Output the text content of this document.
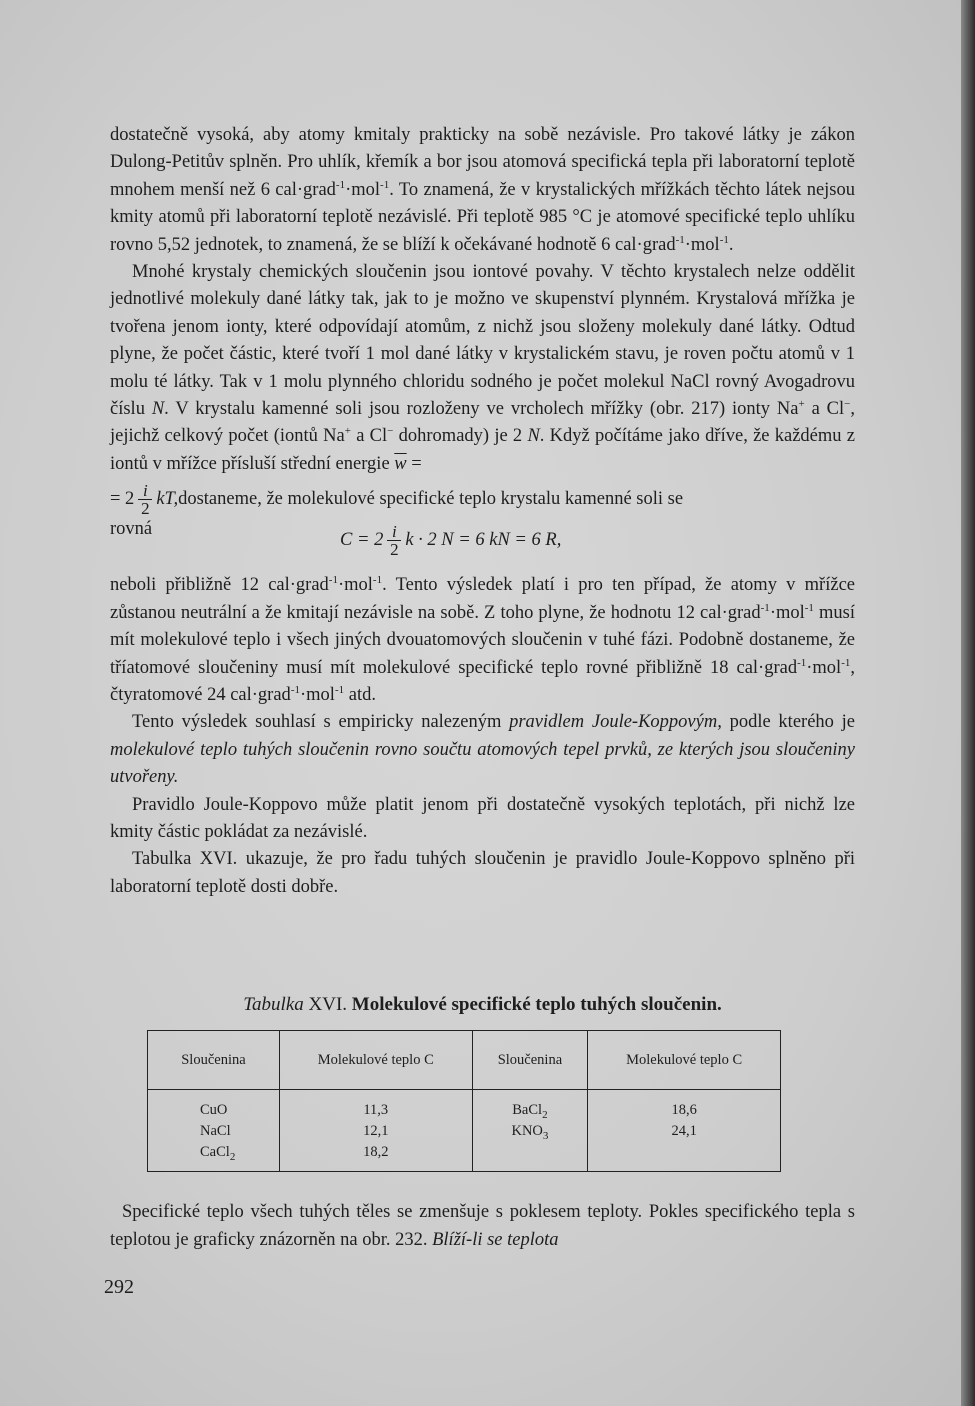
dostatečně vysoká, aby atomy kmitaly prakticky na sobě nezávisle. Pro takové látky je zákon Dulong-Petitův splněn. Pro uhlík, křemík a bor jsou atomová specifická tepla při laboratorní teplotě mnohem menší než 6 cal·grad$^{-1}$·mol$^{-1}$. To znamená, že v krystalických mřížkách těchto látek nejsou kmity atomů při laboratorní teplotě nezávislé. Při teplotě 985 °C je atomové specifické teplo uhlíku rovno 5,52 jednotek, to znamená, že se blíží k očekávané hodnotě 6 cal·grad$^{-1}$·mol$^{-1}$.

Mnohé krystaly chemických sloučenin jsou iontové povahy. V těchto krystalech nelze oddělit jednotlivé molekuly dané látky tak, jak to je možno ve skupenství plynném. Krystalová mřížka je tvořena jenom ionty, které odpovídají atomům, z nichž jsou složeny molekuly dané látky. Odtud plyne, že počet částic, které tvoří 1 mol dané látky v krystalickém stavu, je roven počtu atomů v 1 molu té látky. Tak v 1 molu plynného chloridu sodného je počet molekul NaCl rovný Avogadrovu číslu N. V krystalu kamenné soli jsou rozloženy ve vrcholech mřížky (obr. 217) ionty Na+ a Cl−, jejichž celkový počet (iontů Na+ a Cl− dohromady) je 2 N. Když počítáme jako dříve, že každému z iontů v mřížce přísluší střední energie $\overline{w}$ =

= $2 \frac{i}{2}$ kT, dostaneme, že molekulové specifické teplo krystalu kamenné soli se
rovná
$C = 2 \frac{i}{2}$ k · 2 N = 6 kN = 6 R,

neboli přibližně 12 cal·grad$^{-1}$·mol$^{-1}$. Tento výsledek platí i pro ten případ, že atomy v mřížce zůstanou neutrální a že kmitají nezávisle na sobě. Z toho plyne, že hodnotu 12 cal·grad$^{-1}$·mol$^{-1}$ musí mít molekulové teplo i všech jiných dvouatomových sloučenin v tuhé fázi. Podobně dostaneme, že tříatomové sloučeniny musí mít molekulové specifické teplo rovné přibližně 18 cal·grad$^{-1}$·mol$^{-1}$, čtyratomové 24 cal·grad$^{-1}$·mol$^{-1}$ atd.

Tento výsledek souhlasí s empiricky nalezeným pravidlem Joule-Koppovým, podle kterého je molekulové teplo tuhých sloučenin rovno součtu atomových tepel prvků, ze kterých jsou sloučeniny utvořeny.

Pravidlo Joule-Koppovo může platit jenom při dostatečně vysokých teplotách, při nichž lze kmity částic pokládat za nezávislé.

Tabulka XVI. ukazuje, že pro řadu tuhých sloučenin je pravidlo Joule-Koppovo splněno při laboratorní teplotě dosti dobře.

Tabulka XVI. Molekulové specifické teplo tuhých sloučenin.
Sloučenina	Molekulové teplo C	Sloučenina	Molekulové teplo C
CuO	11,3	BaCl$_2$	18,6
NaCl	12,1	$KNO_3$	24,1
CaCl$_2$	18,2		

Specifické teplo všech tuhých těles se zmenšuje s poklesem teploty. Pokles specifického tepla s teplotou je graficky znázorněn na obr. 232. Blíží-li se teplota

292
